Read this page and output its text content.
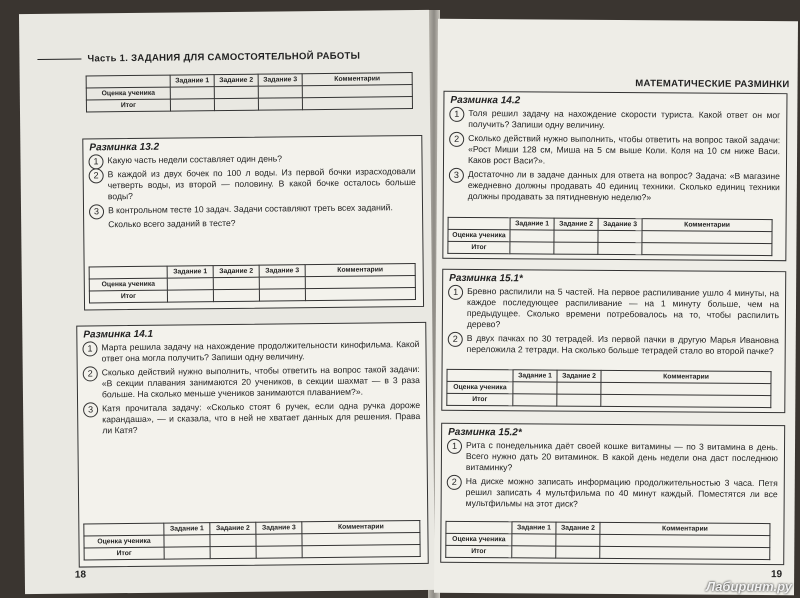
Часть 1. ЗАДАНИЯ ДЛЯ САМОСТОЯТЕЛЬНОЙ РАБОТЫ
	Задание 1	Задание 2	Задание 3	Комментарии
Оценка ученика				
Итог				
Разминка 13.2
1	Какую часть недели составляет один день?
2	В каждой из двух бочек по 100 л воды. Из первой бочки израсходовали четверть воды, из второй — половину. В какой бочке осталось больше воды?
3	В контрольном тесте 10 задач. Задачи составляют треть всех заданий.
Сколько всего заданий в тесте?
	Задание 1	Задание 2	Задание 3	Комментарии
Оценка ученика				
Итог				
Разминка 14.1
1	Марта решила задачу на нахождение продолжительности кинофильма. Какой ответ она могла получить? Запиши одну величину.
2	Сколько действий нужно выполнить, чтобы ответить на вопрос такой задачи: «В секции плавания занимаются 20 учеников, в секции шахмат — в 3 раза больше. На сколько меньше учеников занимаются плаванием?».
3	Катя прочитала задачу: «Сколько стоят 6 ручек, если одна ручка дороже карандаша», — и сказала, что в ней не хватает данных для решения. Права ли Катя?
	Задание 1	Задание 2	Задание 3	Комментарии
Оценка ученика				
Итог				
18
МАТЕМАТИЧЕСКИЕ РАЗМИНКИ
Разминка 14.2
1	Толя решил задачу на нахождение скорости туриста. Какой ответ он мог получить? Запиши одну величину.
2	Сколько действий нужно выполнить, чтобы ответить на вопрос такой задачи: «Рост Миши 128 см, Миша на 5 см выше Коли. Коля на 10 см ниже Васи. Каков рост Васи?».
3	Достаточно ли в задаче данных для ответа на вопрос? Задача: «В магазине ежедневно должны продавать 40 единиц техники. Сколько единиц техники должны продавать за пятидневную неделю?»
	Задание 1	Задание 2	Задание 3	Комментарии
Оценка ученика				
Итог				
Разминка 15.1*
1	Бревно распилили на 5 частей. На первое распиливание ушло 4 минуты, на каждое последующее распиливание — на 1 минуту больше, чем на предыдущее. Сколько времени потребовалось на то, чтобы распилить дерево?
2	В двух пачках по 30 тетрадей. Из первой пачки в другую Марья Ивановна переложила 2 тетради. На сколько больше тетрадей стало во второй пачке?
	Задание 1	Задание 2	Комментарии
Оценка ученика			
Итог			
Разминка 15.2*
1	Рита с понедельника даёт своей кошке витамины — по 3 витамина в день. Всего нужно дать 20 витаминок. В какой день недели она даст последнюю витаминку?
2	На диске можно записать информацию продолжительностью 3 часа. Петя решил записать 4 мультфильма по 40 минут каждый. Поместятся ли все мультфильмы на этот диск?
	Задание 1	Задание 2	Комментарии
Оценка ученика			
Итог			
19
Лабиринт.ру
